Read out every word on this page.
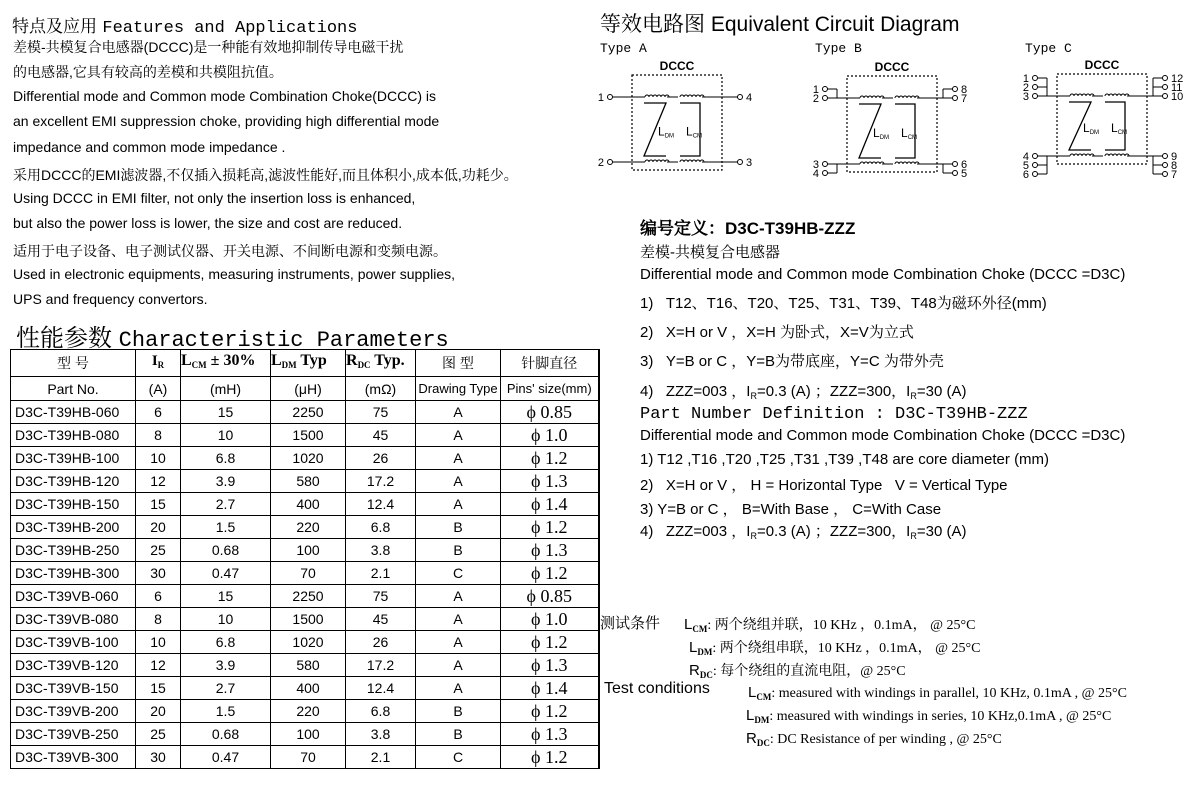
特点及应用 Features and Applications
性能参数 Characteristic Parameters
型 号	$I_R$	$L_{CM} \pm 30\%$	$L_{DM}$ Typ	$R_{DC}$ Typ.	图 型	针脚直径
Part No.	(A)	(mH)	(μH)	(mΩ)	Drawing Type	Pins' size(mm)
D3C-T39HB-060	6	15	2250	75	A	ϕ 0.85
D3C-T39HB-080	8	10	1500	45	A	ϕ 1.0
D3C-T39HB-100	10	6.8	1020	26	A	ϕ 1.2
D3C-T39HB-120	12	3.9	580	17.2	A	ϕ 1.3
D3C-T39HB-150	15	2.7	400	12.4	A	ϕ 1.4
D3C-T39HB-200	20	1.5	220	6.8	B	ϕ 1.2
D3C-T39HB-250	25	0.68	100	3.8	B	ϕ 1.3
D3C-T39HB-300	30	0.47	70	2.1	C	ϕ 1.2
D3C-T39VB-060	6	15	2250	75	A	ϕ 0.85
D3C-T39VB-080	8	10	1500	45	A	ϕ 1.0
D3C-T39VB-100	10	6.8	1020	26	A	ϕ 1.2
D3C-T39VB-120	12	3.9	580	17.2	A	ϕ 1.3
D3C-T39VB-150	15	2.7	400	12.4	A	ϕ 1.4
D3C-T39VB-200	20	1.5	220	6.8	B	ϕ 1.2
D3C-T39VB-250	25	0.68	100	3.8	B	ϕ 1.3
D3C-T39VB-300	30	0.47	70	2.1	C	ϕ 1.2
等效电路图 Equivalent Circuit Diagram
Type A
DCCC
LDM LCM
1	4
2	3
Type B
DCCC
LDM LCM
1
2
8
7
3
4
6
5
Type C
DCCC
LDM LCM
1
2
3
12
11
10
4
5
6
9
8
7
编号定义：D3C-T39HB-ZZZ
差模-共模复合电感器
Differential mode and Common mode Combination Choke (DCCC =D3C)
1)   T12、T16、T20、T25、T31、T39、T48为磁环外径(mm)
2)   X=H or V ，X=H 为卧式，X=V为立式
3)   Y=B or C ，Y=B为带底座，Y=C 为带外壳
4)   ZZZ=003 ，$I_R=0.3$ (A) ；ZZZ=300，$I_R=30$ (A)
Part Number Definition : D3C-T39HB-ZZZ
Differential mode and Common mode Combination Choke (DCCC =D3C)
1) T12 ,T16 ,T20 ,T25 ,T31 ,T39 ,T48 are core diameter (mm)
2)   X=H or V ， H = Horizontal Type   V = Vertical Type
3) Y=B or C ， B=With Base ， C=With Case
4)   ZZZ=003 ，$I_R=0.3$ (A) ；ZZZ=300，$I_R=30$ (A)
测试条件
Test conditions
$L_{CM}$: 两个绕组并联，10 KHz ，0.1mA， @ 25°C
$L_{DM}$: 两个绕组串联，10 KHz ，0.1mA， @ 25°C
$R_{DC}$: 每个绕组的直流电阻，@ 25°C
$L_{CM}$: measured with windings in parallel, 10 KHz, 0.1mA , @ 25°C
$L_{DM}$: measured with windings in series, 10 KHz,0.1mA , @ 25°C
$R_{DC}$: DC Resistance of per winding , @ 25°C
差模-共模复合电感器(DCCC)是一种能有效地抑制传导电磁干扰
的电感器,它具有较高的差模和共模阻抗值。
Differential mode and Common mode Combination Choke(DCCC) is
an excellent EMI suppression choke, providing high differential mode
impedance and common mode impedance .
采用DCCC的EMI滤波器,不仅插入损耗高,滤波性能好,而且体积小,成本低,功耗少。
Using DCCC in EMI filter, not only the insertion loss is enhanced,
but also the power loss is lower, the size and cost are reduced.
适用于电子设备、电子测试仪器、开关电源、不间断电源和变频电源。
Used in electronic equipments, measuring instruments, power supplies,
UPS and frequency convertors.
